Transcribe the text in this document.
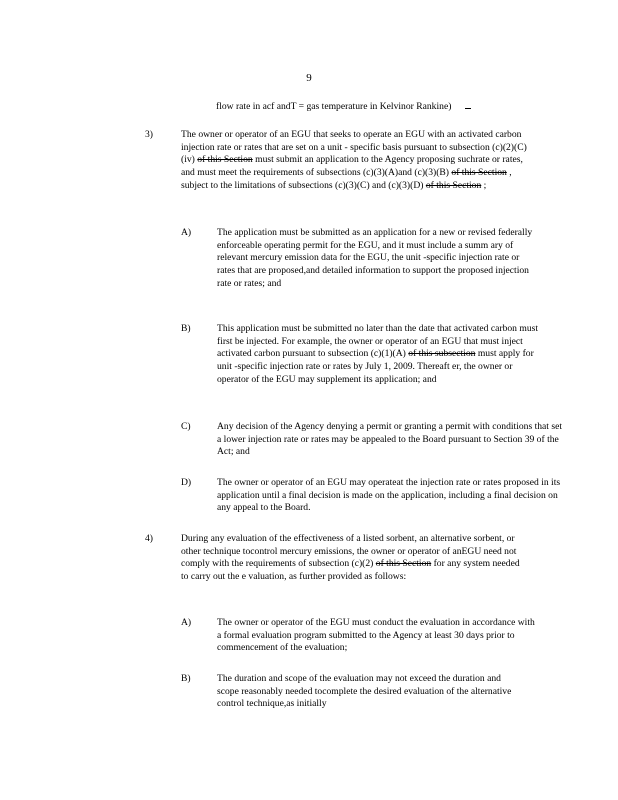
9
flow rate in acf andT = gas temperature in Kelvinor Rankine)
3)	The owner or operator of an EGU that seeks to operate an EGU with an activated carbon injection rate or rates that are set on a unit - specific basis pursuant to subsection (c)(2)(C)(iv) of this Section must submit an application to the Agency proposing suchrate or rates, and must meet the requirements of subsections (c)(3)(A)and (c)(3)(B) of this Section , subject to the limitations of subsections (c)(3)(C) and (c)(3)(D) of this Section ;
A)	The application must be submitted as an application for a new or revised federally enforceable operating permit for the EGU, and it must include a summ ary of relevant mercury emission data for the EGU, the unit -specific injection rate or rates that are proposed,and detailed information to support the proposed injection rate or rates; and
B)	This application must be submitted no later than the date that activated carbon must first be injected. For example, the owner or operator of an EGU that must inject activated carbon pursuant to subsection (c)(1)(A) of this subsection must apply for unit -specific injection rate or rates by July 1, 2009. Thereaft er, the owner or operator of the EGU may supplement its application; and
C)	Any decision of the Agency denying a permit or granting a permit with conditions that set a lower injection rate or rates may be appealed to the Board pursuant to Section 39 of the Act; and
D)	The owner or operator of an EGU may operateat the injection rate or rates proposed in its application until a final decision is made on the application, including a final decision on any appeal to the Board.
4)	During any evaluation of the effectiveness of a listed sorbent, an alternative sorbent, or other technique tocontrol mercury emissions, the owner or operator of anEGU need not comply with the requirements of subsection (c)(2) of this Section for any system needed to carry out the e valuation, as further provided as follows:
A)	The owner or operator of the EGU must conduct the evaluation in accordance with a formal evaluation program submitted to the Agency at least 30 days prior to commencement of the evaluation;
B)	The duration and scope of the evaluation may not exceed the duration and scope reasonably needed tocomplete the desired evaluation of the alternative control technique,as initially
